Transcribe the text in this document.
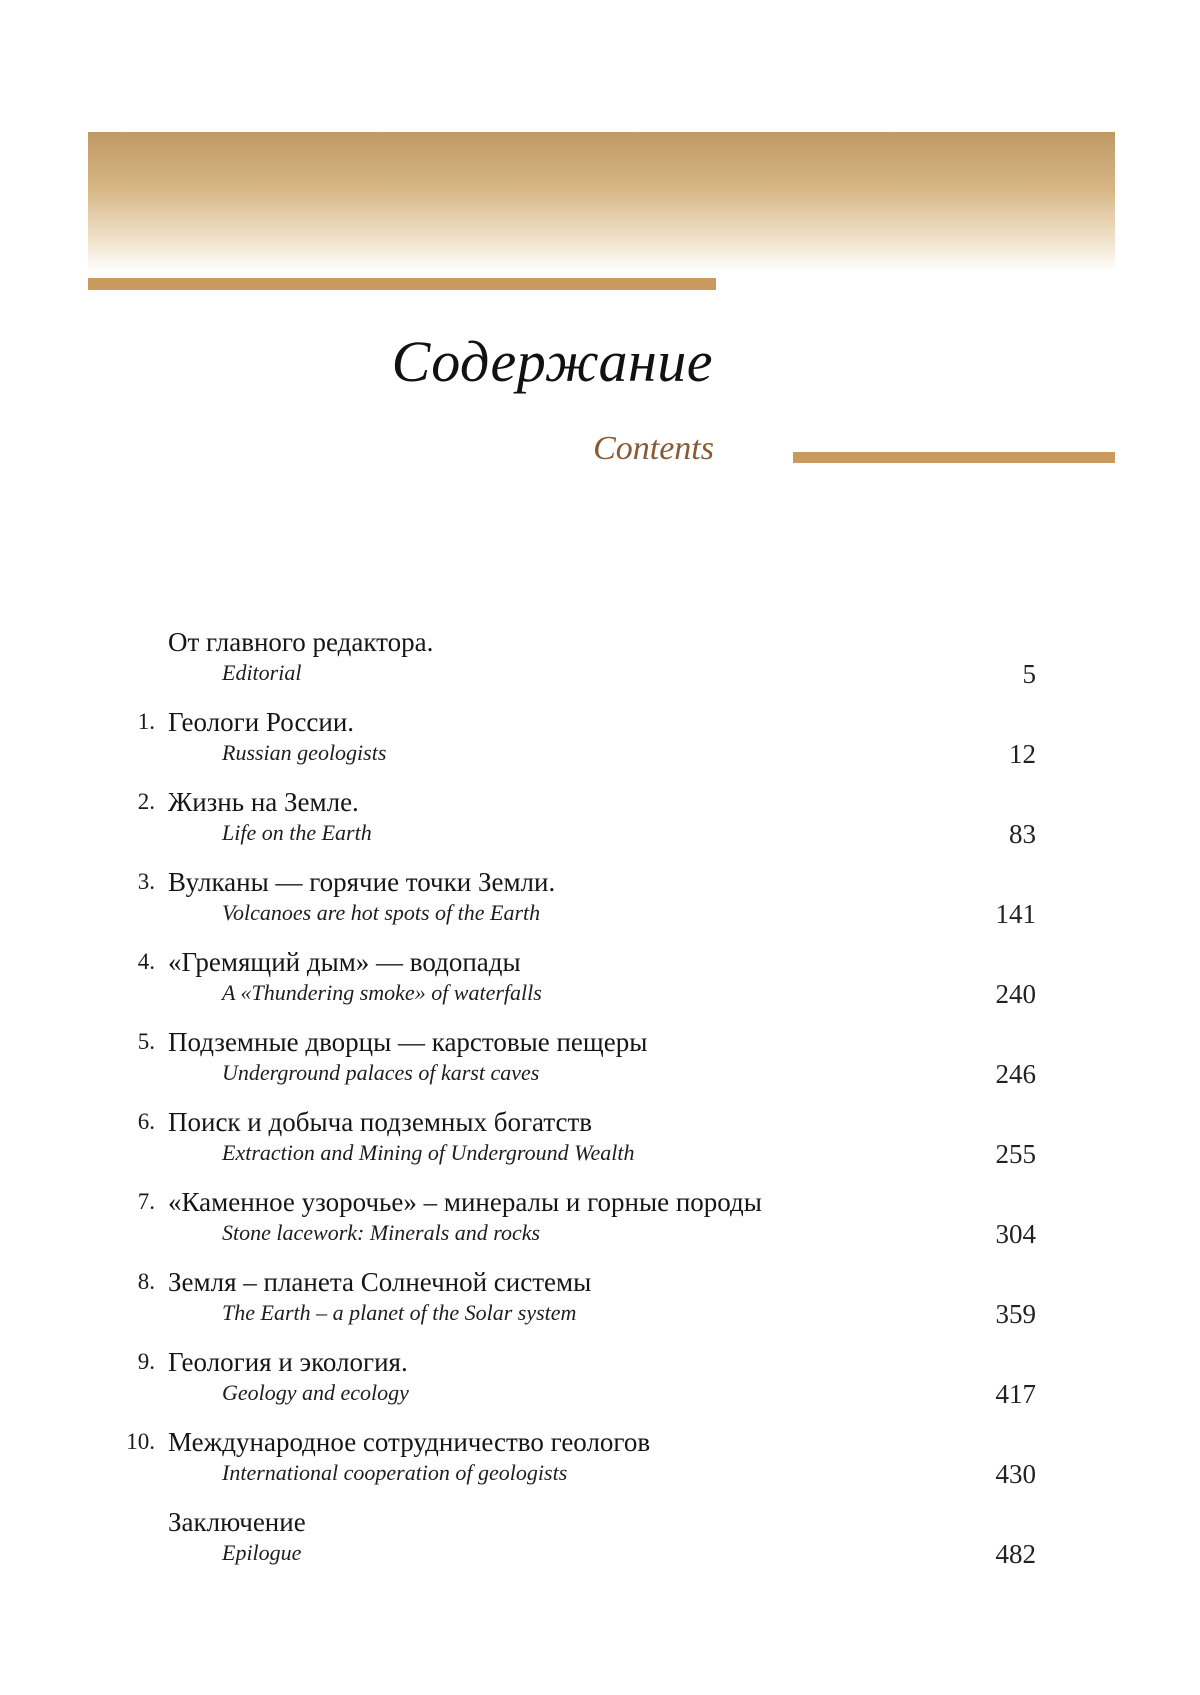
Содержание
Contents
От главного редактора.
Editorial	5
1. Геологи России.
Russian geologists	12
2. Жизнь на Земле.
Life on the Earth	83
3. Вулканы — горячие точки Земли.
Volcanoes are hot spots of the Earth	141
4. «Гремящий дым» — водопады
A «Thundering smoke» of waterfalls	240
5. Подземные дворцы — карстовые пещеры
Underground palaces of karst caves	246
6. Поиск и добыча подземных богатств
Extraction and Mining of Underground Wealth	255
7. «Каменное узорочье» – минералы и горные породы
Stone lacework: Minerals and rocks	304
8. Земля – планета Солнечной системы
The Earth – a planet of the Solar system	359
9. Геология и экология.
Geology and ecology	417
10. Международное сотрудничество геологов
International cooperation of geologists	430
Заключение
Epilogue	482
